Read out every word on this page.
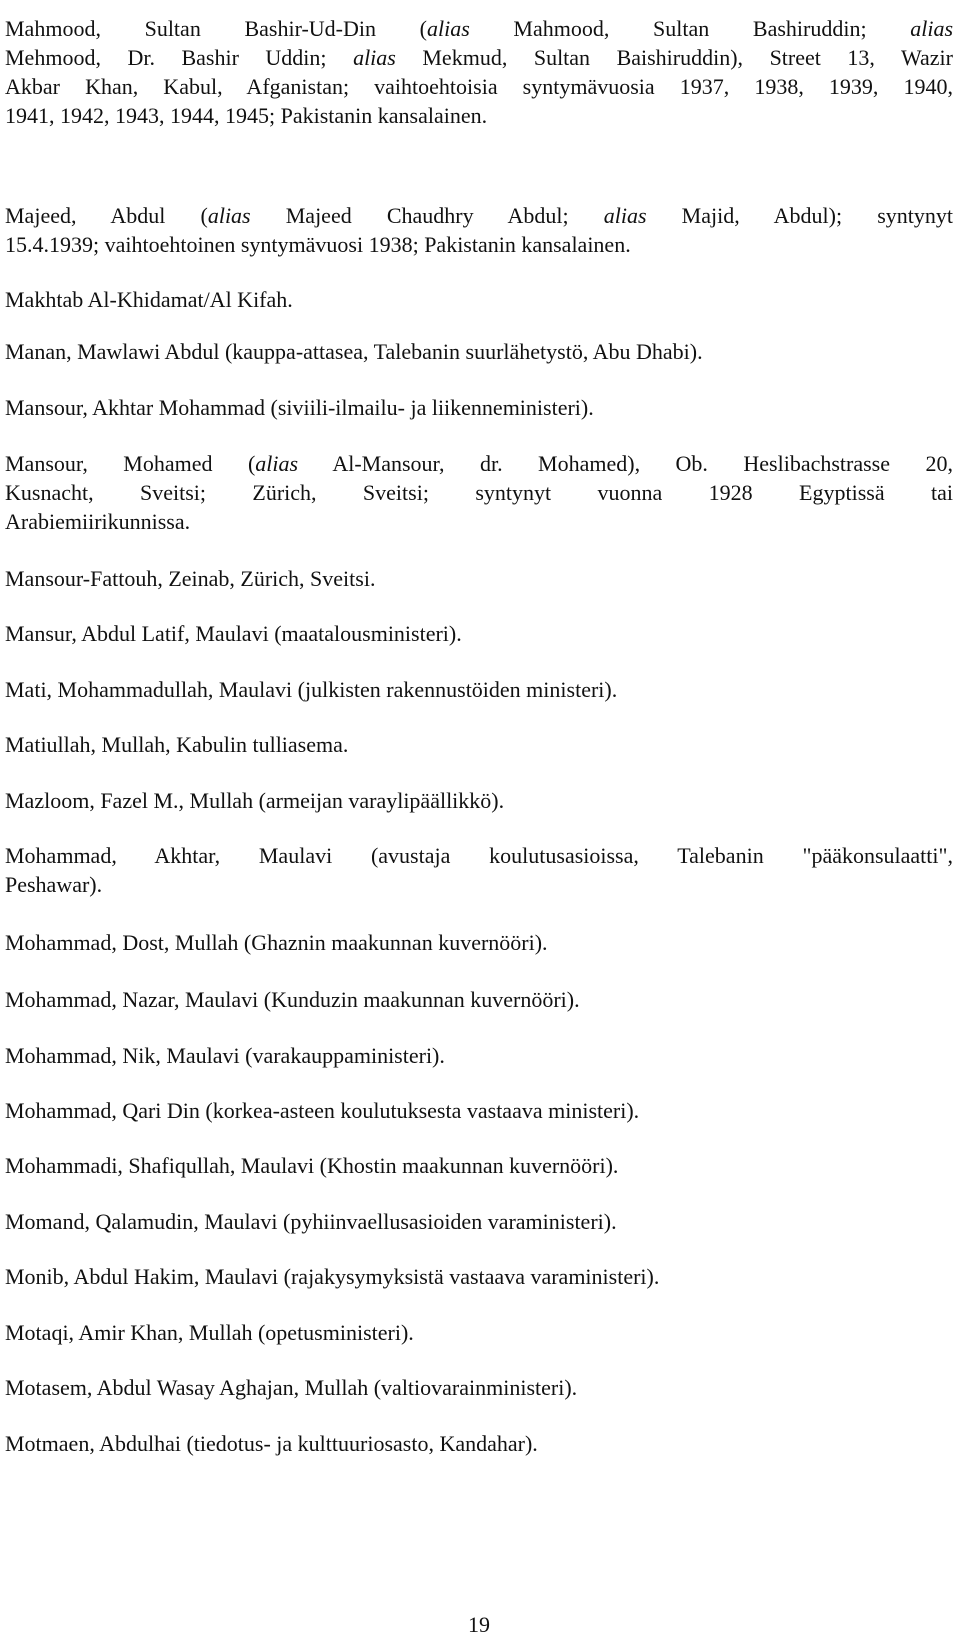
Mahmood, Sultan Bashir-Ud-Din (alias Mahmood, Sultan Bashiruddin; alias
Mehmood, Dr. Bashir Uddin; alias Mekmud, Sultan Baishiruddin), Street 13, Wazir
Akbar Khan, Kabul, Afganistan; vaihtoehtoisia syntymävuosia 1937, 1938, 1939, 1940,
1941, 1942, 1943, 1944, 1945; Pakistanin kansalainen.

Majeed, Abdul (alias Majeed Chaudhry Abdul; alias Majid, Abdul); syntynyt
15.4.1939; vaihtoehtoinen syntymävuosi 1938; Pakistanin kansalainen.

Makhtab Al-Khidamat/Al Kifah.

Manan, Mawlawi Abdul (kauppa-attasea, Talebanin suurlähetystö, Abu Dhabi).

Mansour, Akhtar Mohammad (siviili-ilmailu- ja liikenneministeri).

Mansour, Mohamed (alias Al-Mansour, dr. Mohamed), Ob. Heslibachstrasse 20,
Kusnacht, Sveitsi; Zürich, Sveitsi; syntynyt vuonna 1928 Egyptissä tai
Arabiemiirikunnissa.

Mansour-Fattouh, Zeinab, Zürich, Sveitsi.

Mansur, Abdul Latif, Maulavi (maatalousministeri).

Mati, Mohammadullah, Maulavi (julkisten rakennustöiden ministeri).

Matiullah, Mullah, Kabulin tulliasema.

Mazloom, Fazel M., Mullah (armeijan varaylipäällikkö).

Mohammad, Akhtar, Maulavi (avustaja koulutusasioissa, Talebanin "pääkonsulaatti",
Peshawar).

Mohammad, Dost, Mullah (Ghaznin maakunnan kuvernööri).

Mohammad, Nazar, Maulavi (Kunduzin maakunnan kuvernööri).

Mohammad, Nik, Maulavi (varakauppaministeri).

Mohammad, Qari Din (korkea-asteen koulutuksesta vastaava ministeri).

Mohammadi, Shafiqullah, Maulavi (Khostin maakunnan kuvernööri).

Momand, Qalamudin, Maulavi (pyhiinvaellusasioiden varaministeri).

Monib, Abdul Hakim, Maulavi (rajakysymyksistä vastaava varaministeri).

Motaqi, Amir Khan, Mullah (opetusministeri).

Motasem, Abdul Wasay Aghajan, Mullah (valtiovarainministeri).

Motmaen, Abdulhai (tiedotus- ja kulttuuriosasto, Kandahar).

19
